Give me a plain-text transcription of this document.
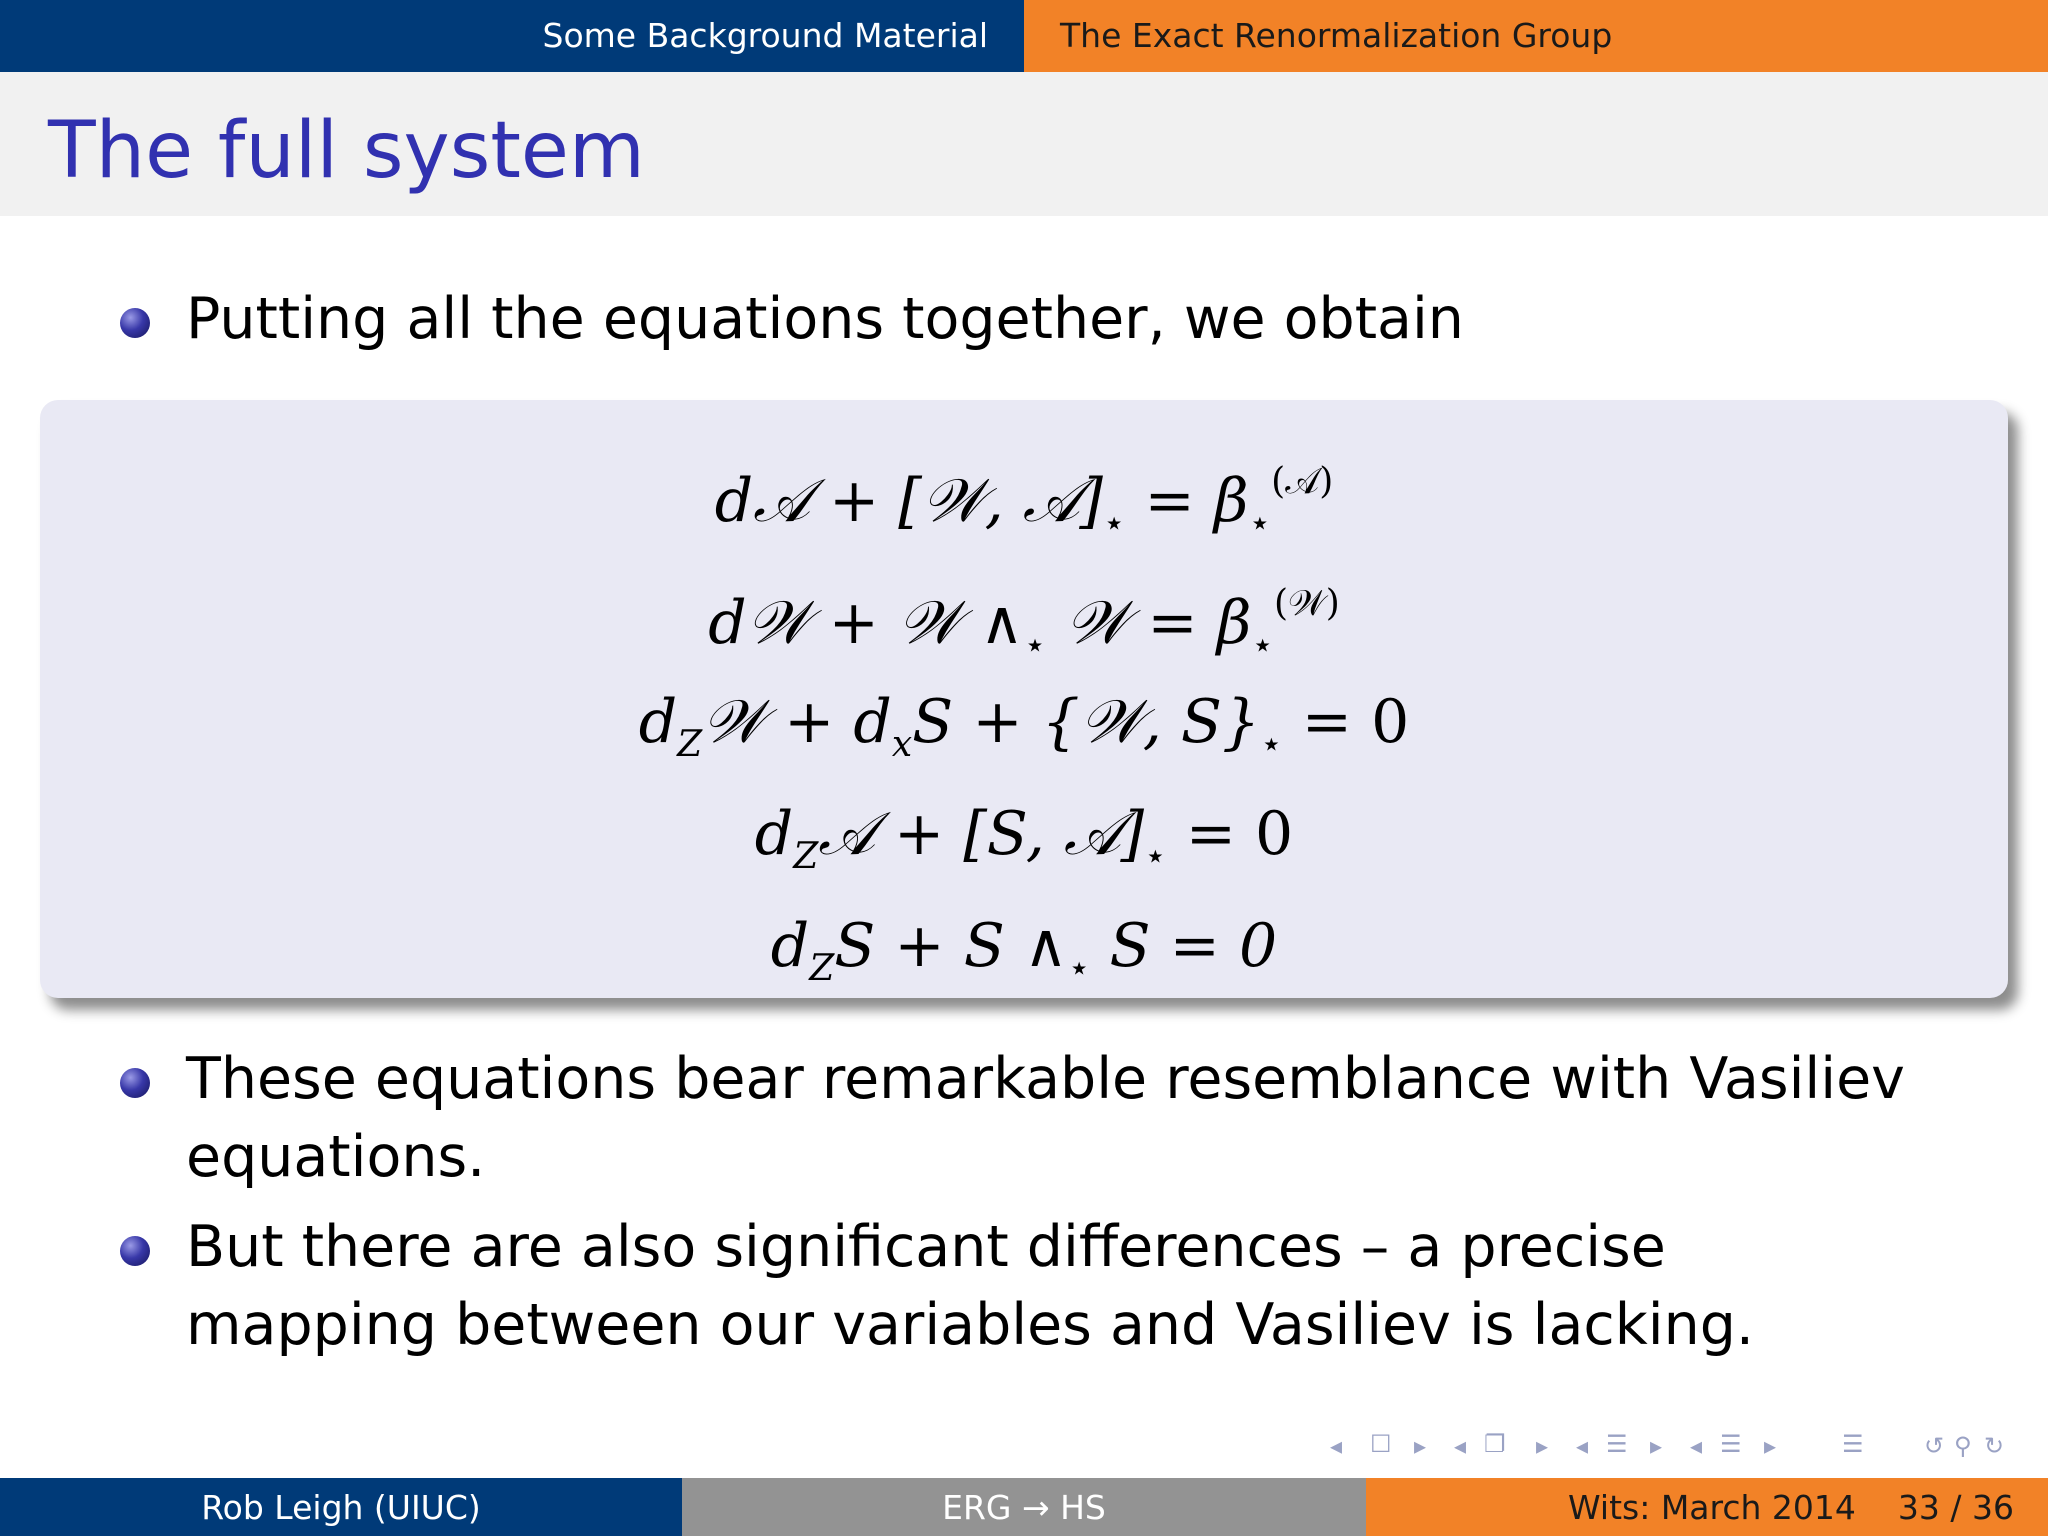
Some Background Material The Exact Renormalization Group
The full system
Putting all the equations together, we obtain
d𝒜 + [𝒲, $𝒜]_⋆ = \beta_⋆^{(𝒜)}$
d𝒲 + 𝒲 $\wedge_⋆$ 𝒲 = $\beta_⋆^{(𝒲)}$
$d_Z𝒲 + d_xS$ + {𝒲, $S\}_⋆ = 0$
$d_Z𝒜 + [S$, $𝒜]_⋆ = 0$
$d_ZS + S$ $\wedge_⋆$ S = 0
These equations bear remarkable resemblance with Vasiliev equations.
But there are also significant differences – a precise mapping between our variables and Vasiliev is lacking.
◂ ☐ ▸ ◂ ❐ ▸ ◂ ☰ ▸ ◂ ☰ ▸	☰	↺ ⚲ ↻
Rob Leigh (UIUC)	ERG → HS	Wits: March 2014 33 / 36
